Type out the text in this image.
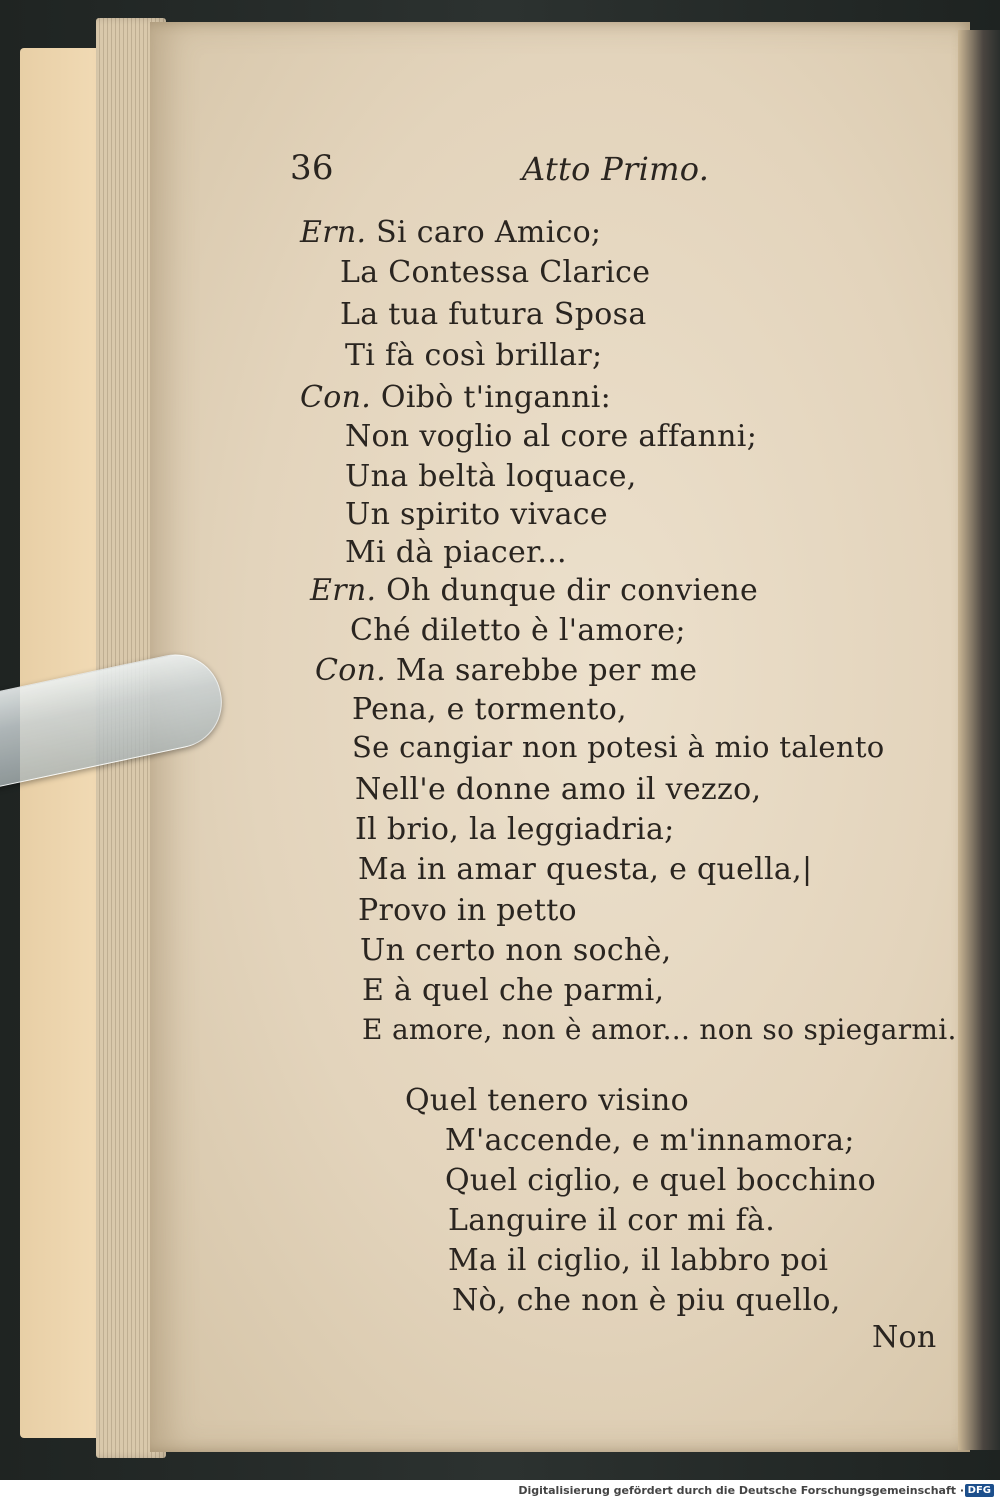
36	Atto Primo.
Ern. Si caro Amico;
La Contessa Clarice
La tua futura Sposa
Ti fà così brillar;
Con. Oibò t'inganni:
Non voglio al core affanni;
Una beltà loquace,
Un spirito vivace
Mi dà piacer...
Ern. Oh dunque dir conviene
Ché diletto è l'amore;
Con. Ma sarebbe per me
Pena, e tormento,
Se cangiar non potesi à mio talento
Nell'e donne amo il vezzo,
Il brio, la leggiadria;
Ma in amar questa, e quella,|
Provo in petto
Un certo non sochè,
E à quel che parmi,
E amore, non è amor... non so spiegarmi.
Quel tenero visino
M'accende, e m'innamora;
Quel ciglio, e quel bocchino
Languire il cor mi fà.
Ma il ciglio, il labbro poi
Nò, che non è piu quello,
Non
Digitalisierung gefördert durch die Deutsche Forschungsgemeinschaft · DFG
